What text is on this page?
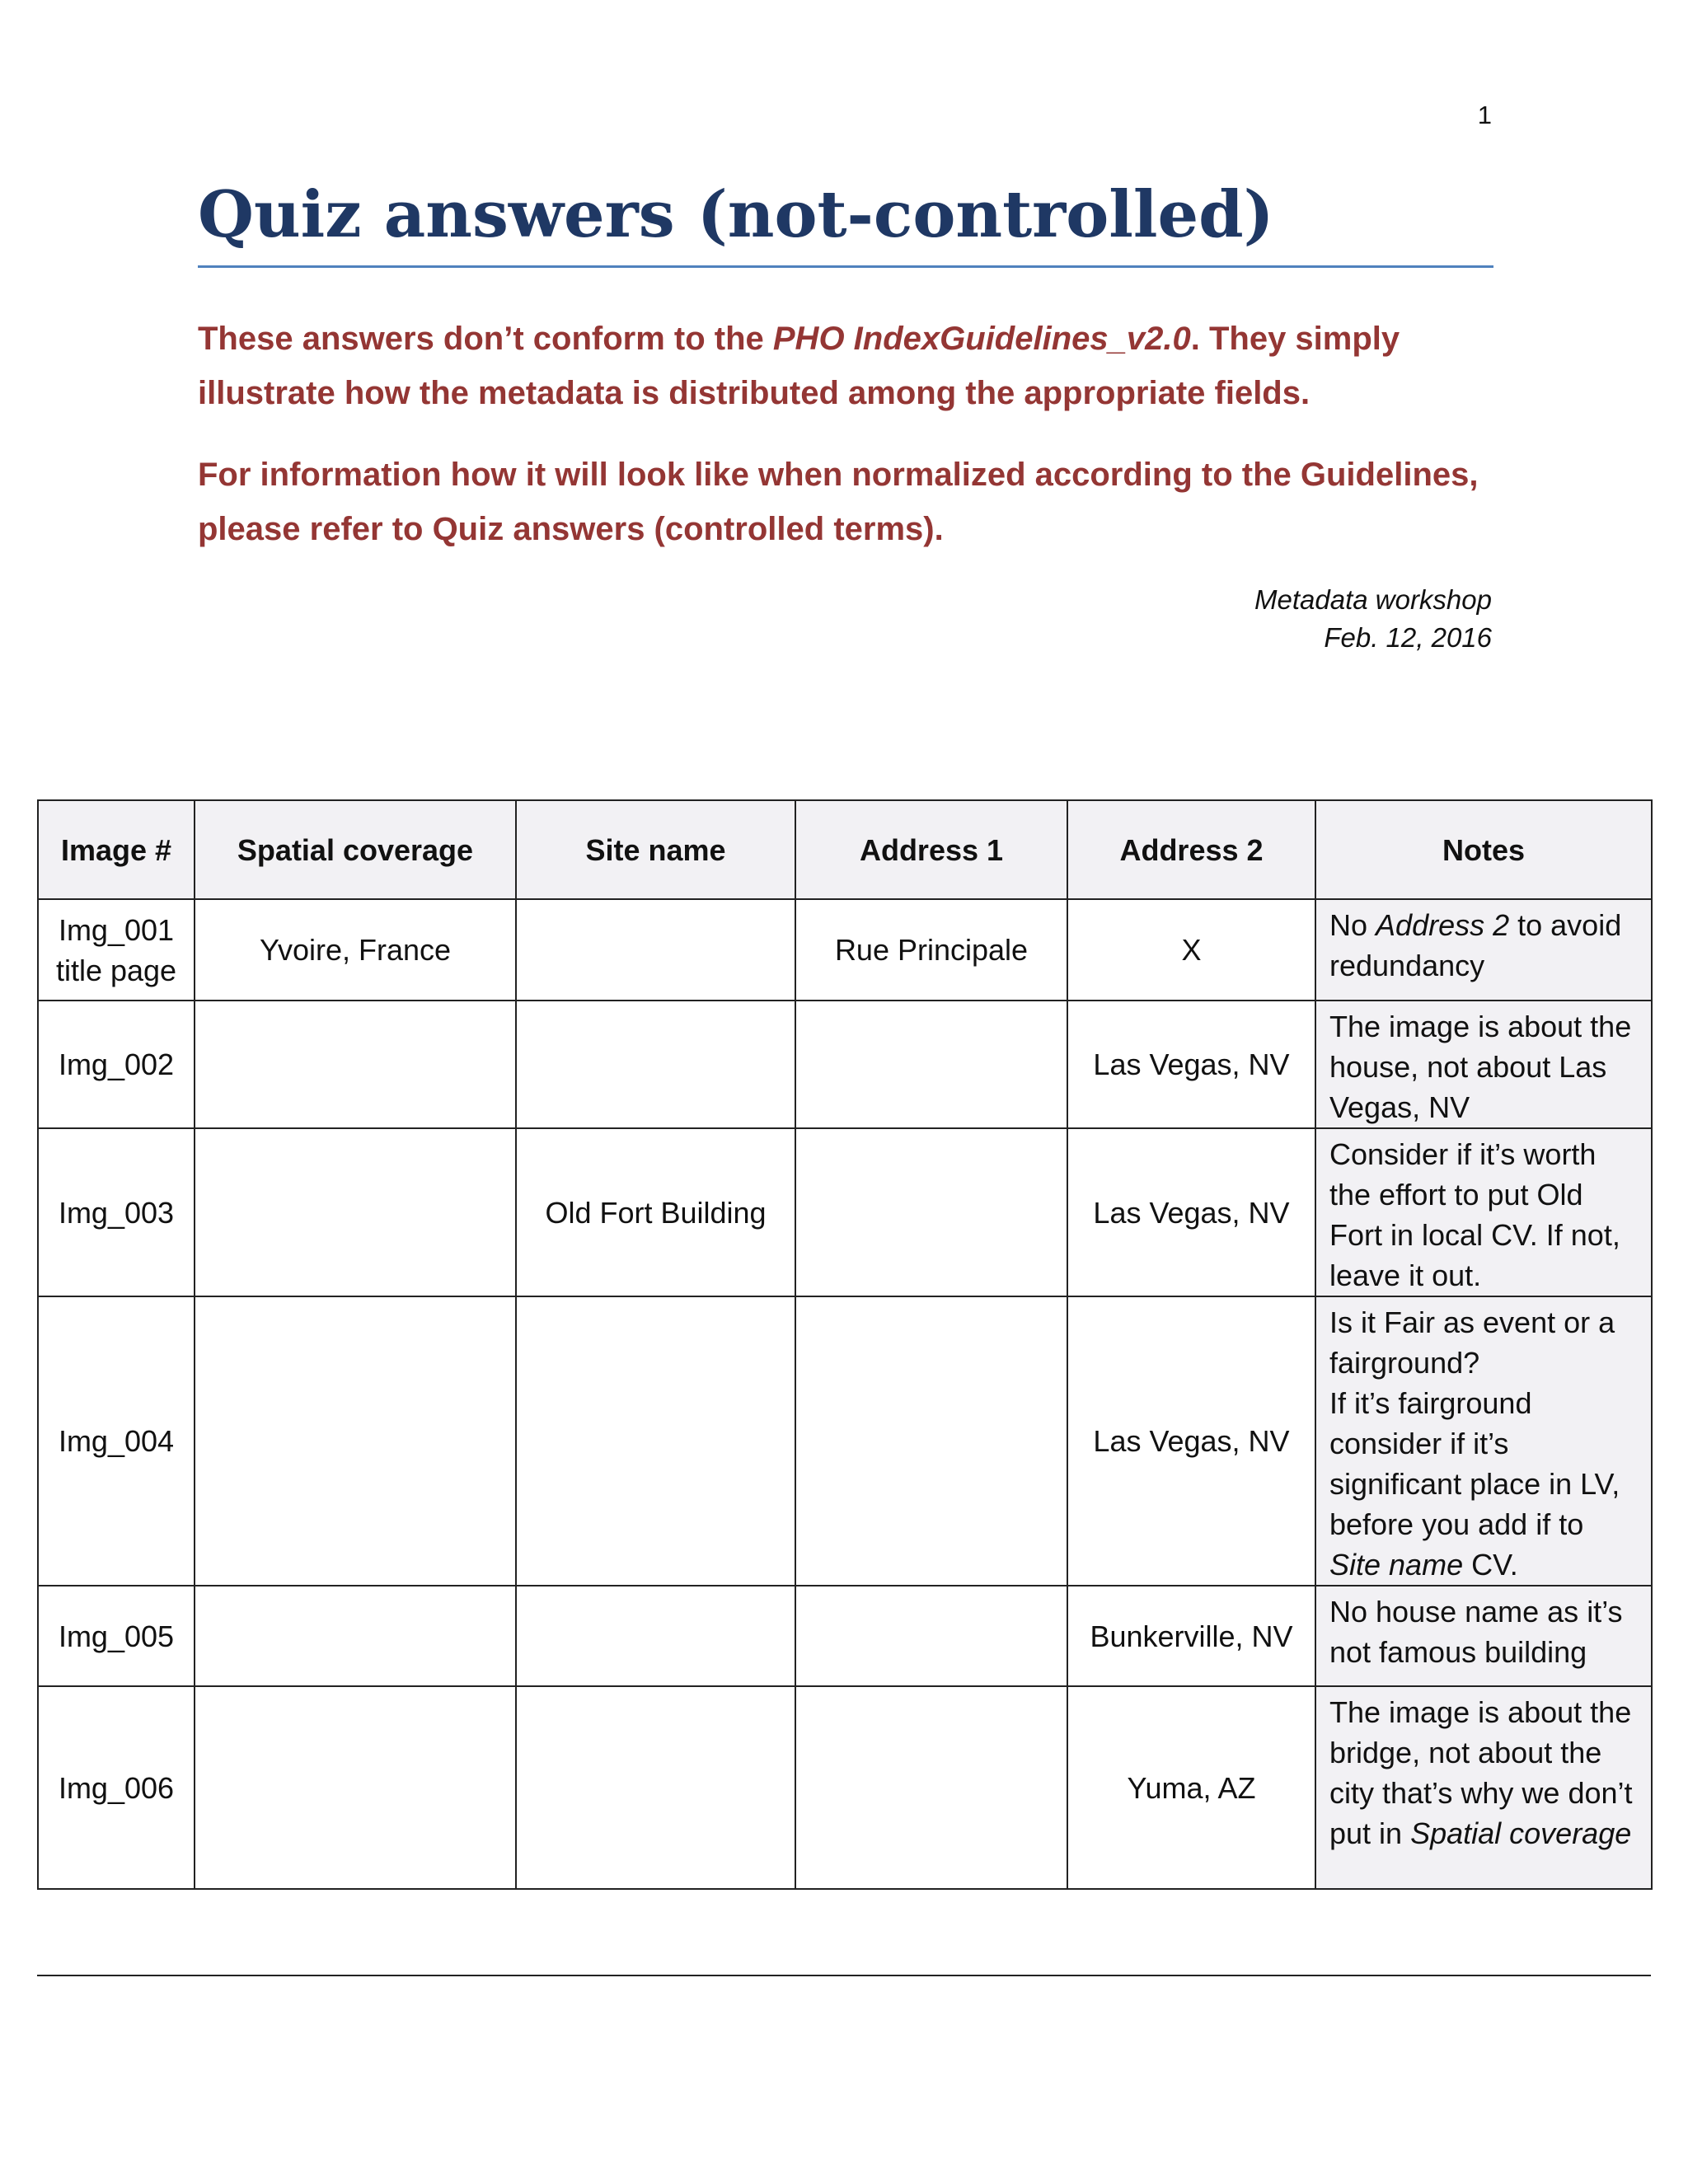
1
Quiz answers (not-controlled)
These answers don’t conform to the PHO IndexGuidelines_v2.0. They simply illustrate how the metadata is distributed among the appropriate fields.
For information how it will look like when normalized according to the Guidelines, please refer to Quiz answers (controlled terms).
Metadata workshop
Feb. 12, 2016
Image #	Spatial coverage	Site name	Address 1	Address 2	Notes

Img_001
title page	Yvoire, France		Rue Principale	X	No Address 2 to avoid redundancy
Img_002				Las Vegas, NV	The image is about the house, not about Las Vegas, NV
Img_003		Old Fort Building		Las Vegas, NV	Consider if it’s worth the effort to put Old Fort in local CV. If not, leave it out.
Img_004				Las Vegas, NV	Is it Fair as event or a fairground?
If it’s fairground consider if it’s significant place in LV, before you add if to Site name CV.
Img_005				Bunkerville, NV	No house name as it’s not famous building
Img_006				Yuma, AZ	The image is about the bridge, not about the city that’s why we don’t put in Spatial coverage
